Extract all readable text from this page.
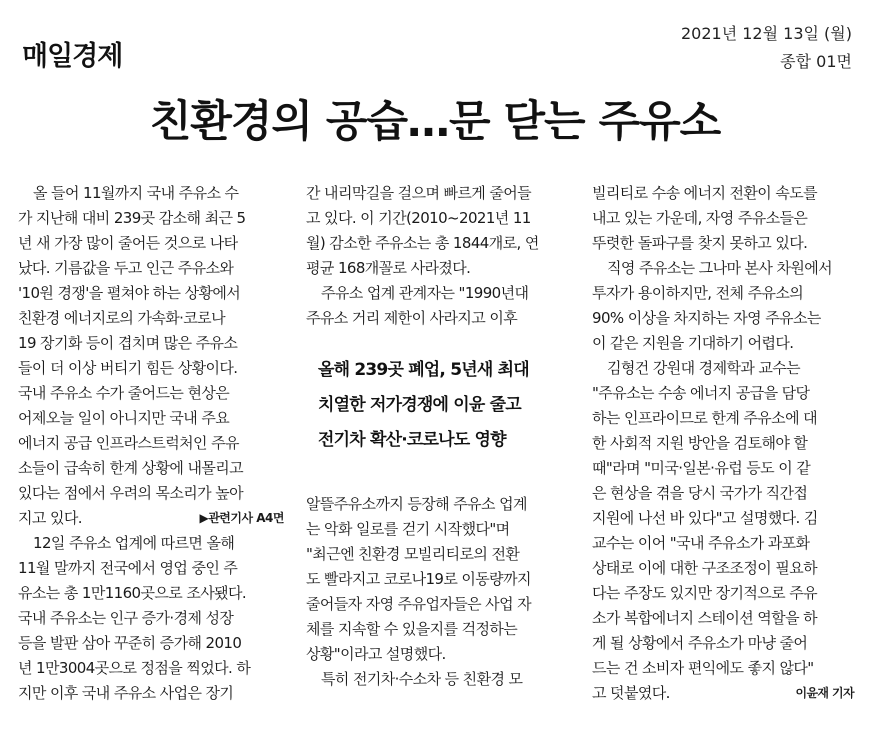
매일경제
2021년 12월 13일 (월)
종합 01면
친환경의 공습…문 닫는 주유소
올 들어 11월까지 국내 주유소 수
가 지난해 대비 239곳 감소해 최근 5
년 새 가장 많이 줄어든 것으로 나타
났다. 기름값을 두고 인근 주유소와
'10원 경쟁'을 펼쳐야 하는 상황에서
친환경 에너지로의 가속화·코로나
19 장기화 등이 겹치며 많은 주유소
들이 더 이상 버티기 힘든 상황이다.
국내 주유소 수가 줄어드는 현상은
어제오늘 일이 아니지만 국내 주요
에너지 공급 인프라스트럭처인 주유
소들이 급속히 한계 상황에 내몰리고
있다는 점에서 우려의 목소리가 높아
지고 있다.	▶관련기사 A4면
12일 주유소 업계에 따르면 올해
11월 말까지 전국에서 영업 중인 주
유소는 총 1만1160곳으로 조사됐다.
국내 주유소는 인구 증가·경제 성장
등을 발판 삼아 꾸준히 증가해 2010
년 1만3004곳으로 정점을 찍었다. 하
지만 이후 국내 주유소 사업은 장기
간 내리막길을 걸으며 빠르게 줄어들
고 있다. 이 기간(2010~2021년 11
월) 감소한 주유소는 총 1844개로, 연
평균 168개꼴로 사라졌다.
주유소 업계 관계자는 "1990년대
주유소 거리 제한이 사라지고 이후
올해 239곳 폐업, 5년새 최대
치열한 저가경쟁에 이윤 줄고
전기차 확산·코로나도 영향
알뜰주유소까지 등장해 주유소 업계
는 악화 일로를 걷기 시작했다"며
"최근엔 친환경 모빌리티로의 전환
도 빨라지고 코로나19로 이동량까지
줄어들자 자영 주유업자들은 사업 자
체를 지속할 수 있을지를 걱정하는
상황"이라고 설명했다.
특히 전기차·수소차 등 친환경 모
빌리티로 수송 에너지 전환이 속도를
내고 있는 가운데, 자영 주유소들은
뚜렷한 돌파구를 찾지 못하고 있다.
직영 주유소는 그나마 본사 차원에서
투자가 용이하지만, 전체 주유소의
90% 이상을 차지하는 자영 주유소는
이 같은 지원을 기대하기 어렵다.
김형건 강원대 경제학과 교수는
"주유소는 수송 에너지 공급을 담당
하는 인프라이므로 한계 주유소에 대
한 사회적 지원 방안을 검토해야 할
때"라며 "미국·일본·유럽 등도 이 같
은 현상을 겪을 당시 국가가 직간접
지원에 나선 바 있다"고 설명했다. 김
교수는 이어 "국내 주유소가 과포화
상태로 이에 대한 구조조정이 필요하
다는 주장도 있지만 장기적으로 주유
소가 복합에너지 스테이션 역할을 하
게 될 상황에서 주유소가 마냥 줄어
드는 건 소비자 편익에도 좋지 않다"
고 덧붙였다.	이윤재 기자
